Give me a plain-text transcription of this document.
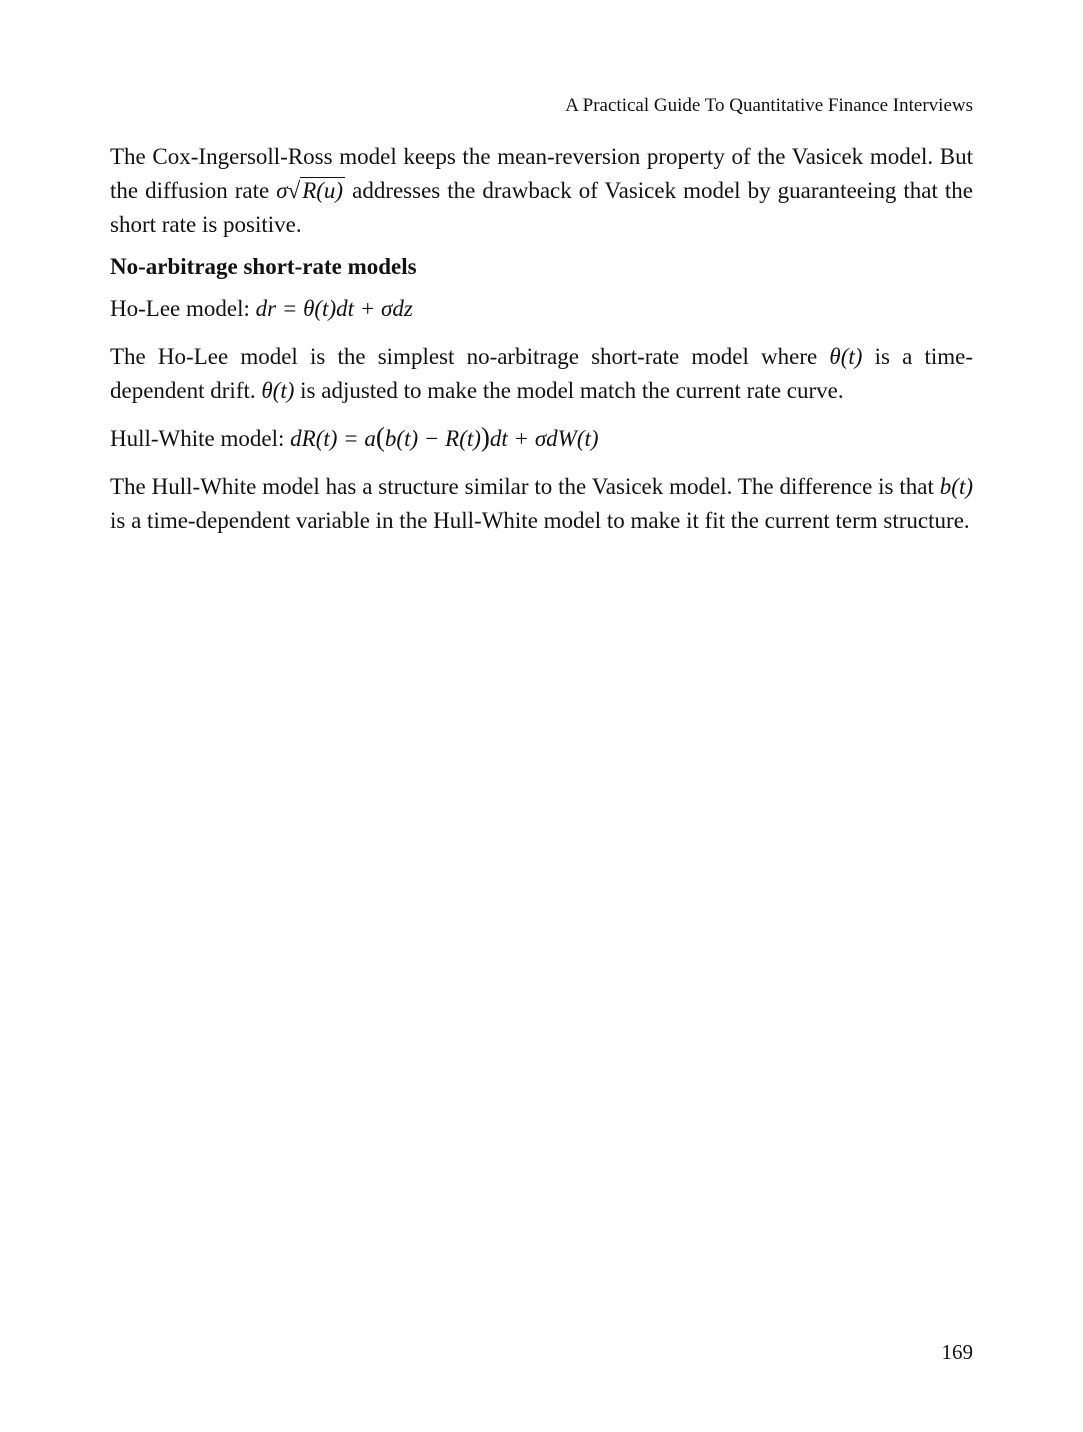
A Practical Guide To Quantitative Finance Interviews

The Cox-Ingersoll-Ross model keeps the mean-reversion property of the Vasicek model. But the diffusion rate σ√R(u) addresses the drawback of Vasicek model by guaranteeing that the short rate is positive.

No-arbitrage short-rate models

Ho-Lee model: dr = θ(t)dt + σdz

The Ho-Lee model is the simplest no-arbitrage short-rate model where θ(t) is a time-dependent drift. θ(t) is adjusted to make the model match the current rate curve.

Hull-White model: dR(t) = a(b(t) − R(t))dt + σdW(t)

The Hull-White model has a structure similar to the Vasicek model. The difference is that b(t) is a time-dependent variable in the Hull-White model to make it fit the current term structure.

169
